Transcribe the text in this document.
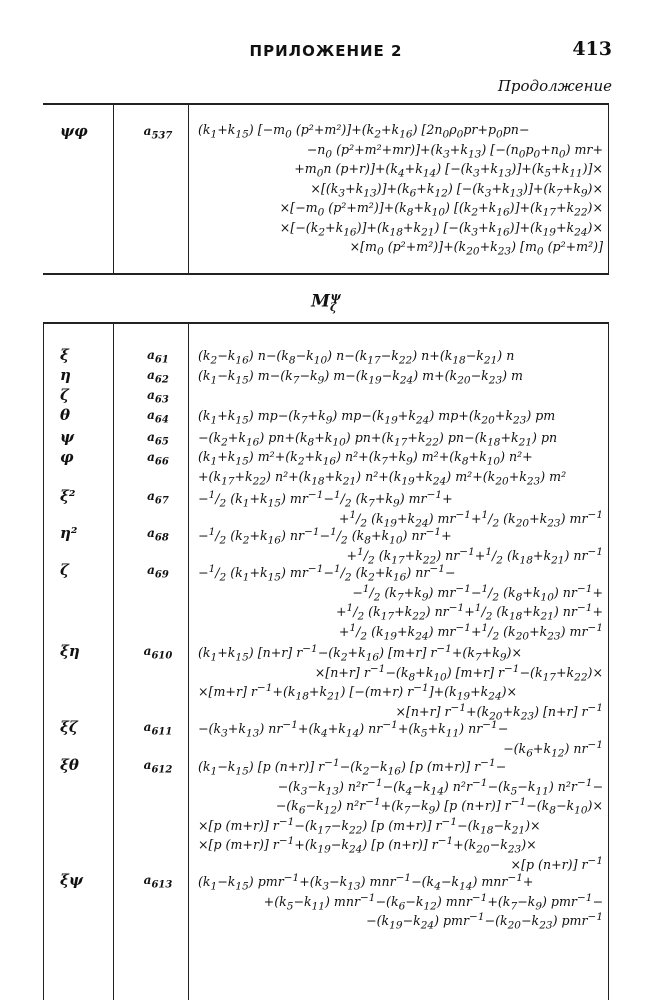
ПРИЛОЖЕНИЕ 2	413
Продолжение
ψφ	$a_{537}$	$(k_1+k_{15})$ [$-m_0$ $(p^2+m^2)]+(k_2+k_{16})$ [$2n_0\rho_0pr+p_0pn-$
$-n_0$ $(p^2+m^2+mr)]+(k_3+k_{13})$ [$-(n_0p_0+n_0)$ mr+
$+m_0n$ $(p+r)]+(k_4+k_{14})$ $[-(k_3+k_{13})]+(k_5+k_{11})]\times$
$\times[(k_3+k_{13})]+(k_6+k_{12})$ $[-(k_3+k_{13})]+(k_7+k_9)\times$
$\times[-m_0$ $(p^2+m^2)]+(k_8+k_{10})$ $[(k_2+k_{16})]+(k_{17}+k_{22})\times$
$\times[-(k_2+k_{16})]+(k_{18}+k_{21})$ $[-(k_3+k_{16})]+(k_{19}+k_{24})\times$
$\times[m_0$ $(p^2+m^2)]+(k_{20}+k_{23})$ [$m_0$ (p²+m²)]
$M_\zeta^\psi$
ξ	$a_{61}$	$(k_2-k_{16})$ $n-(k_8-k_{10})$ $n-(k_{17}-k_{22})$ $n+(k_{18}-k_{21})$ n
η	$a_{62}$	$(k_1-k_{15})$ $m-(k_7-k_9)$ $m-(k_{19}-k_{24})$ $m+(k_{20}-k_{23})$ m
ζ	$a_{63}$
θ	$a_{64}$	$(k_1+k_{15})$ $mp-(k_7+k_9)$ $mp-(k_{19}+k_{24})$ $mp+(k_{20}+k_{23})$ pm
ψ	$a_{65}$	$-(k_2+k_{16})$ $pn+(k_8+k_{10})$ $pn+(k_{17}+k_{22})$ $pn-(k_{18}+k_{21})$ pn
φ	$a_{66}$	$(k_1+k_{15})$ $m^2+(k_2+k_{16})$ $n^2+(k_7+k_9)$ $m^2+(k_8+k_{10})$ n²+
$+(k_{17}+k_{22})$ $n^2+(k_{18}+k_{21})$ $n^2+(k_{19}+k_{24})$ $m^2+(k_{20}+k_{23})$ m²
ξ²	$a_{67}$	$-^1/_2$ $(k_1+k_{15})$ $mr^{-1}-^1/_2$ $(k_7+k_9)$ $mr^{-1}+$
$+^1/_2$ $(k_{19}+k_{24})$ $mr^{-1}+^1/_2$ $(k_{20}+k_{23})$ $mr^{-1}$
η²	$a_{68}$	$-^1/_2$ $(k_2+k_{16})$ $nr^{-1}-^1/_2$ $(k_8+k_{10})$ $nr^{-1}+$
$+^1/_2$ $(k_{17}+k_{22})$ $nr^{-1}+^1/_2$ $(k_{18}+k_{21})$ $nr^{-1}$
ζ	$a_{69}$	$-^1/_2$ $(k_1+k_{15})$ $mr^{-1}-^1/_2$ $(k_2+k_{16})$ $nr^{-1}-$
$-^1/_2$ $(k_7+k_9)$ $mr^{-1}-^1/_2$ $(k_8+k_{10})$ $nr^{-1}+$
$+^1/_2$ $(k_{17}+k_{22})$ $nr^{-1}+^1/_2$ $(k_{18}+k_{21})$ $nr^{-1}+$
$+^1/_2$ $(k_{19}+k_{24})$ $mr^{-1}+^1/_2$ $(k_{20}+k_{23})$ $mr^{-1}$
ξη	$a_{610}$	$(k_1+k_{15})$ [n+r] $r^{-1}-(k_2+k_{16})$ [m+r] $r^{-1}+(k_7+k_9)\times$
×[n+r] $r^{-1}-(k_8+k_{10})$ [m+r] $r^{-1}-(k_{17}+k_{22})\times$
×[m+r] $r^{-1}+(k_{18}+k_{21})$ [−(m+r) $r^{-1}]+(k_{19}+k_{24})\times$
×[n+r] $r^{-1}+(k_{20}+k_{23})$ [n+r] $r^{-1}$
ξζ	$a_{611}$	$-(k_3+k_{13})$ $nr^{-1}+(k_4+k_{14})$ $nr^{-1}+(k_5+k_{11})$ $nr^{-1}-$
$-(k_6+k_{12})$ $nr^{-1}$
ξθ	$a_{612}$	$(k_1-k_{15})$ [p (n+r)] $r^{-1}-(k_2-k_{16})$ [p (m+r)] $r^{-1}-$
$-(k_3-k_{13})$ $n^2r^{-1}-(k_4-k_{14})$ $n^2r^{-1}-(k_5-k_{11})$ $n^2r^{-1}-$
$-(k_6-k_{12})$ $n^2r^{-1}+(k_7-k_9)$ [p (n+r)] $r^{-1}-(k_8-k_{10})\times$
×[p (m+r)] $r^{-1}-(k_{17}-k_{22})$ [p (m+r)] $r^{-1}-(k_{18}-k_{21})\times$
×[p (m+r)] $r^{-1}+(k_{19}-k_{24})$ [p (n+r)] $r^{-1}+(k_{20}-k_{23})\times$
×[p (n+r)] $r^{-1}$
ξψ	$a_{613}$	$(k_1-k_{15})$ $pmr^{-1}+(k_3-k_{13})$ $mnr^{-1}-(k_4-k_{14})$ mnr$^{-1}$+
$+(k_5-k_{11})$ $mnr^{-1}-(k_6-k_{12})$ $mnr^{-1}+(k_7-k_9)$ pmr$^{-1}$−
$-(k_{19}-k_{24})$ $pmr^{-1}-(k_{20}-k_{23})$ pmr$^{-1}$
